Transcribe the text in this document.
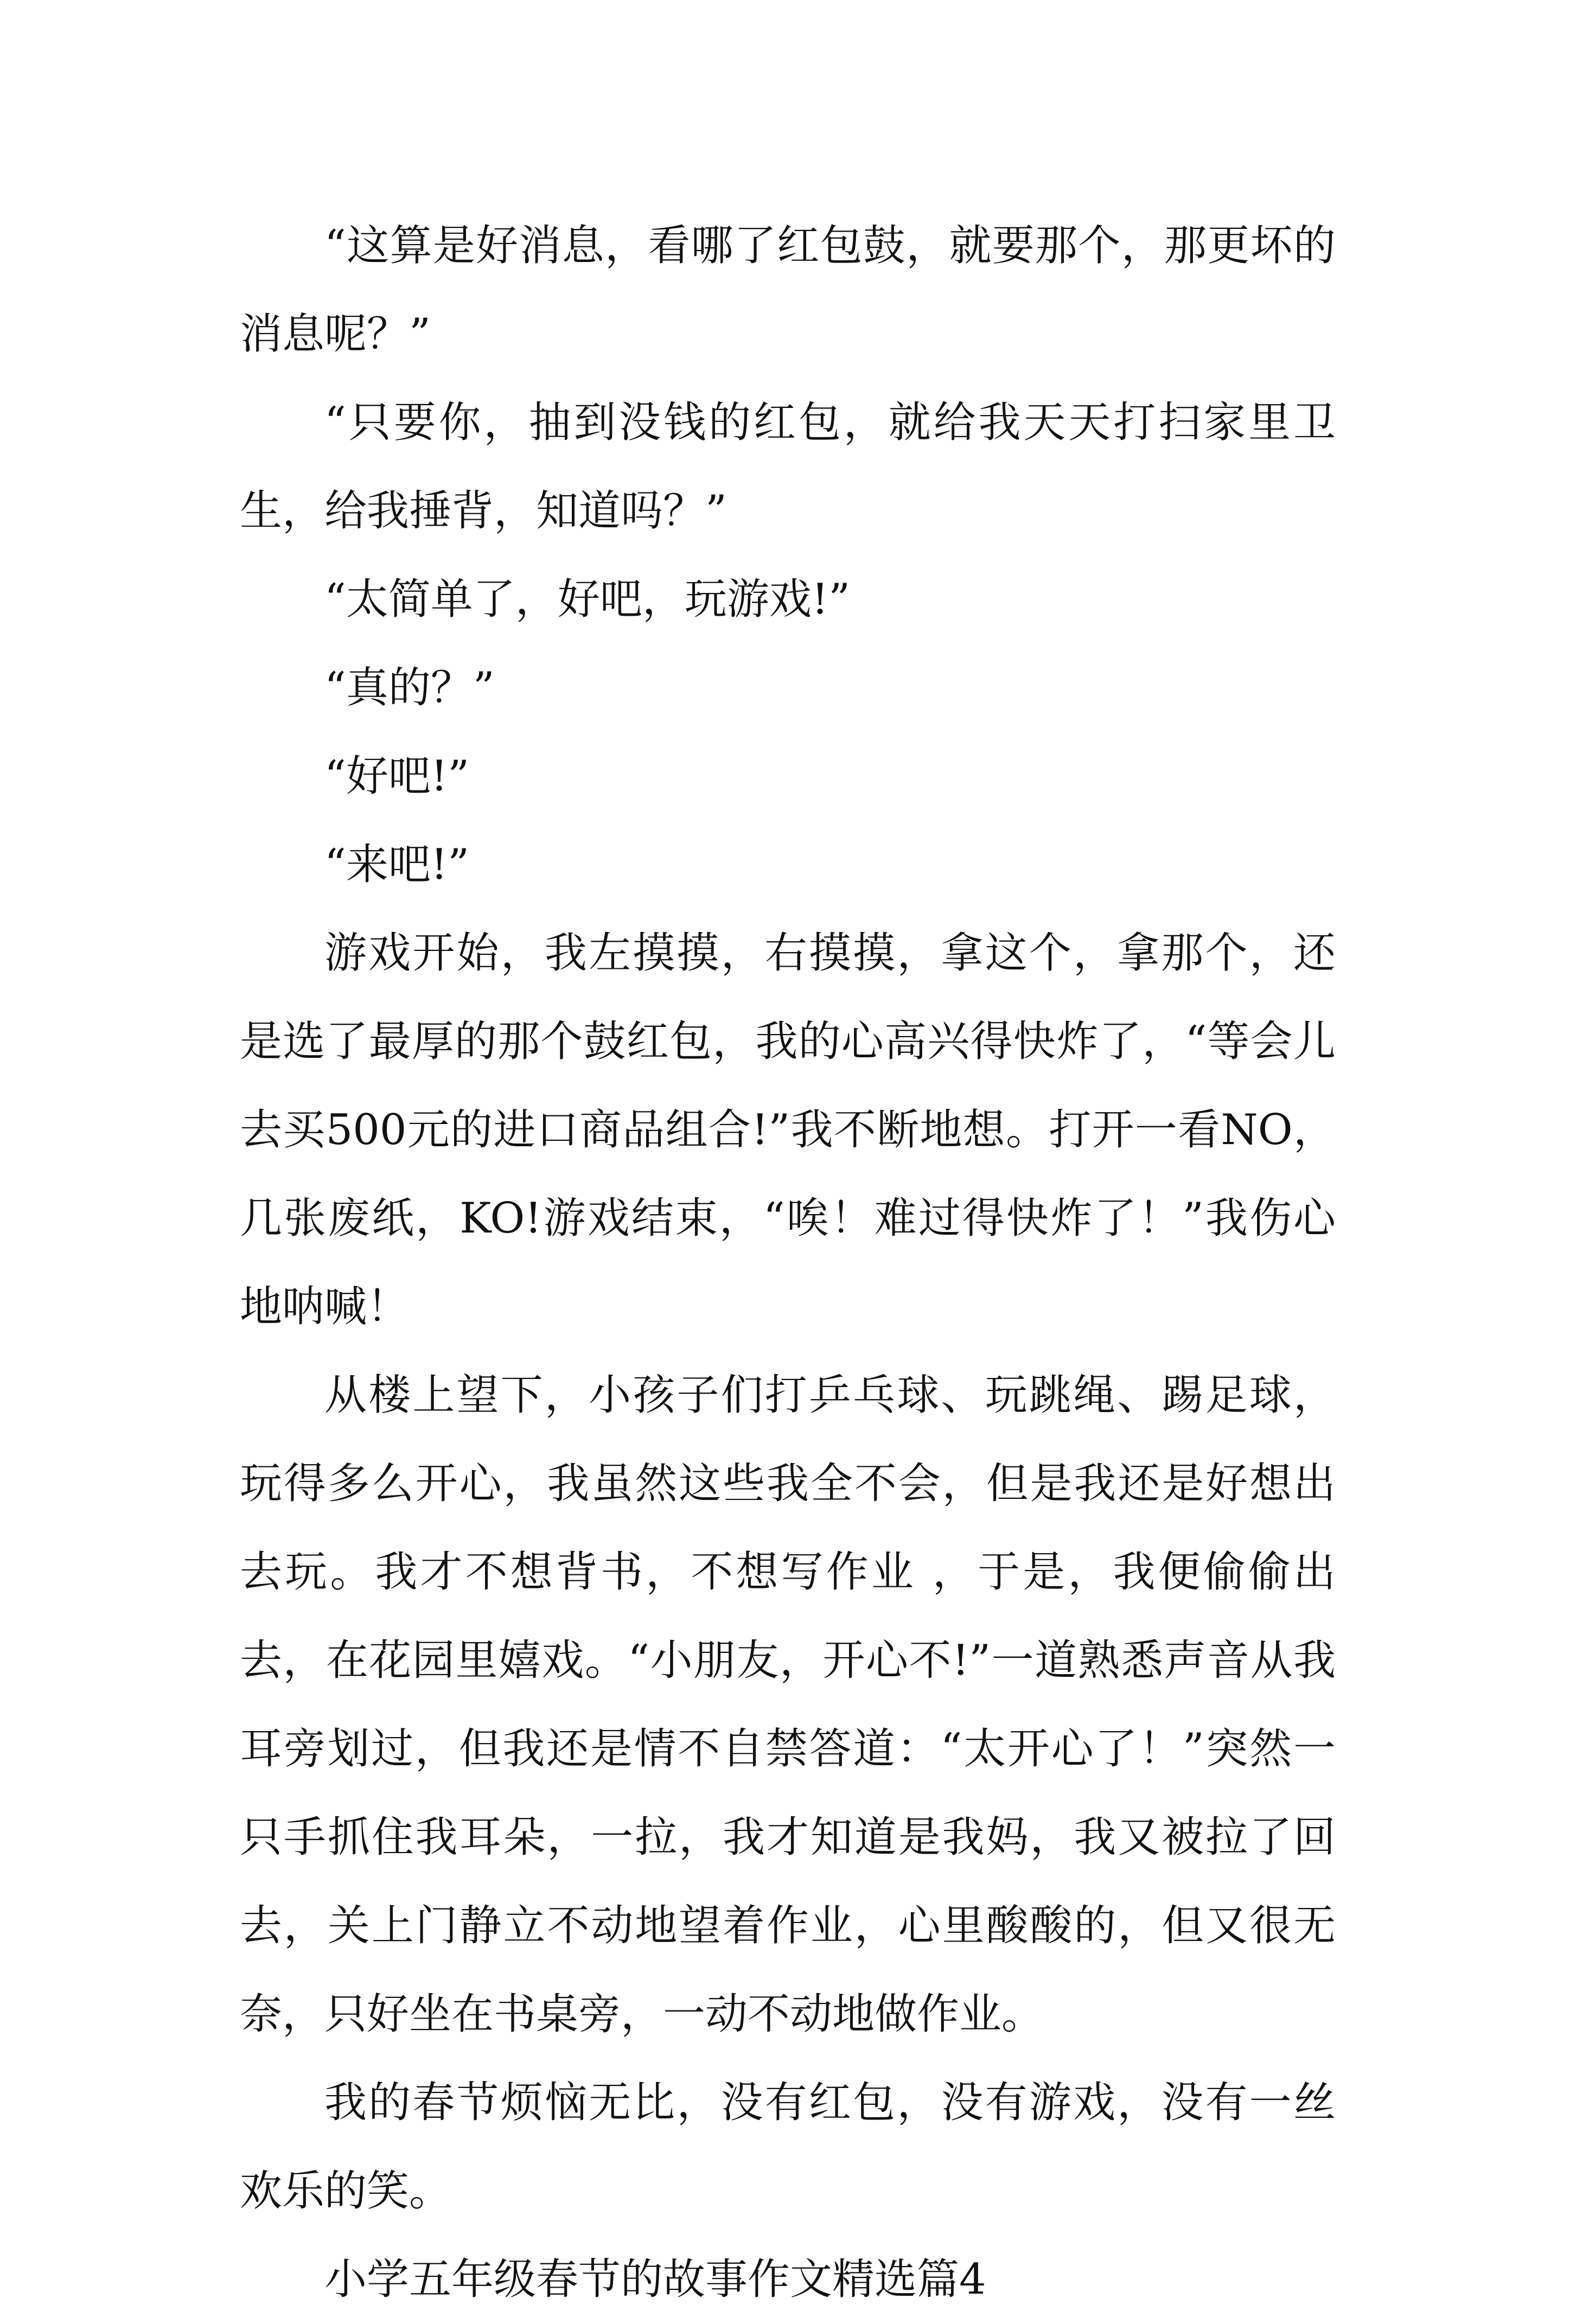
“这算是好消息，看哪了红包鼓，就要那个，那更坏的消息呢？”

“只要你，抽到没钱的红包，就给我天天打扫家里卫生，给我捶背，知道吗？”

“太简单了，好吧，玩游戏!”

“真的？”

“好吧!”

“来吧!”

游戏开始，我左摸摸，右摸摸，拿这个，拿那个，还是选了最厚的那个鼓红包，我的心高兴得快炸了，“等会儿去买500元的进口商品组合!”我不断地想。打开一看NO，几张废纸，KO!游戏结束，“唉！难过得快炸了！”我伤心地呐喊！

从楼上望下，小孩子们打乒乓球、玩跳绳、踢足球，玩得多么开心，我虽然这些我全不会，但是我还是好想出去玩。我才不想背书，不想写作业 ，于是，我便偷偷出去，在花园里嬉戏。“小朋友，开心不!”一道熟悉声音从我耳旁划过，但我还是情不自禁答道：“太开心了！”突然一只手抓住我耳朵，一拉，我才知道是我妈，我又被拉了回去，关上门静立不动地望着作业，心里酸酸的，但又很无奈，只好坐在书桌旁，一动不动地做作业。

我的春节烦恼无比，没有红包，没有游戏，没有一丝欢乐的笑。

小学五年级春节的故事作文精选篇4
